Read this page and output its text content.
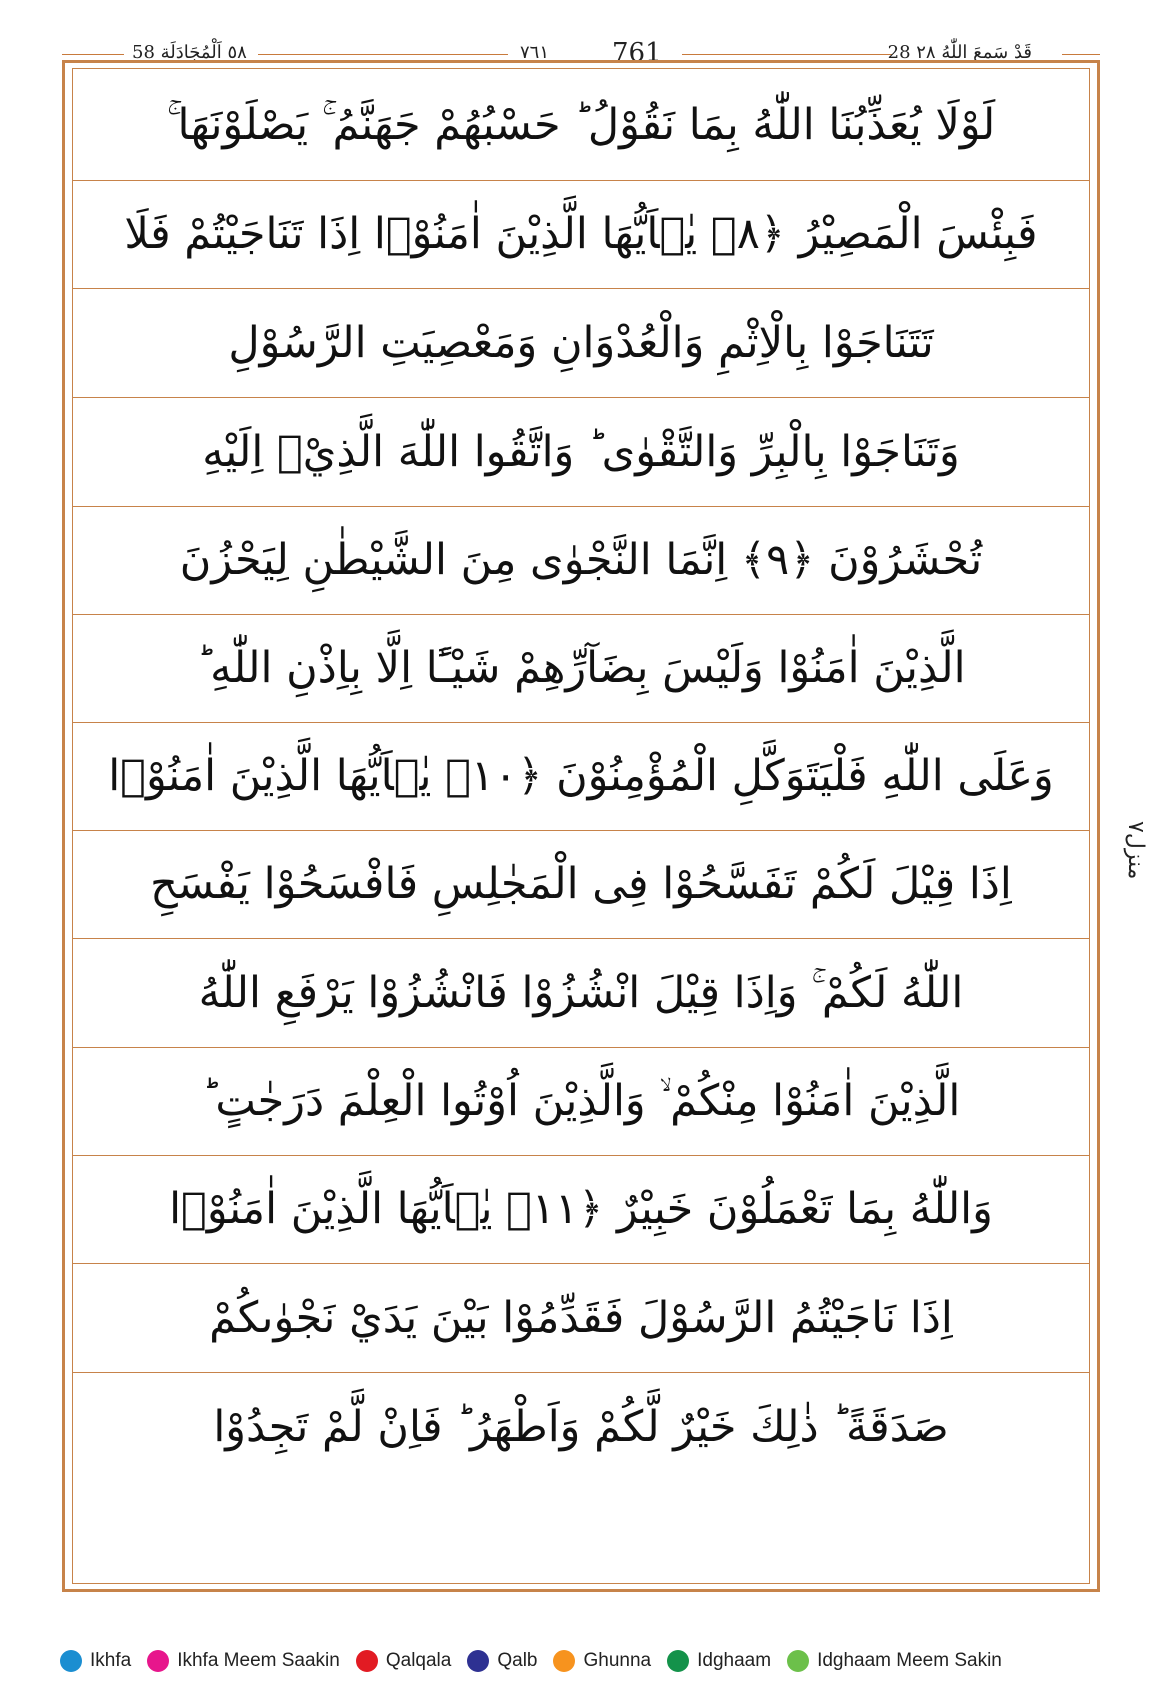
٥٨ اَلْمُجَادَلَة 58	٧٦١ 761	28 قَدْ سَمِعَ اللّٰهُ ٢٨
لَوْلَا يُعَذِّبُنَا اللّٰهُ بِمَا نَقُوْلُ ؕ حَسْبُهُمْ جَهَنَّمُ ۚ يَصْلَوْنَهَا ۚ
فَبِئْسَ الْمَصِيْرُ ﴿٨﴾ يٰۤاَيُّهَا الَّذِيْنَ اٰمَنُوْۤا اِذَا تَنَاجَيْتُمْ فَلَا
تَتَنَاجَوْا بِالْاِثْمِ وَالْعُدْوَانِ وَمَعْصِيَتِ الرَّسُوْلِ
وَتَنَاجَوْا بِالْبِرِّ وَالتَّقْوٰى ؕ وَاتَّقُوا اللّٰهَ الَّذِيْۤ اِلَيْهِ
تُحْشَرُوْنَ ﴿٩﴾ اِنَّمَا النَّجْوٰى مِنَ الشَّيْطٰنِ لِيَحْزُنَ
الَّذِيْنَ اٰمَنُوْا وَلَيْسَ بِضَآرِّهِمْ شَيْـًٔا اِلَّا بِاِذْنِ اللّٰهِ ؕ
وَعَلَى اللّٰهِ فَلْيَتَوَكَّلِ الْمُؤْمِنُوْنَ ﴿١٠﴾ يٰۤاَيُّهَا الَّذِيْنَ اٰمَنُوْۤا
اِذَا قِيْلَ لَكُمْ تَفَسَّحُوْا فِى الْمَجٰلِسِ فَافْسَحُوْا يَفْسَحِ
اللّٰهُ لَكُمْ ۚ وَاِذَا قِيْلَ انْشُزُوْا فَانْشُزُوْا يَرْفَعِ اللّٰهُ
الَّذِيْنَ اٰمَنُوْا مِنْكُمْ ۙ وَالَّذِيْنَ اُوْتُوا الْعِلْمَ دَرَجٰتٍ ؕ
وَاللّٰهُ بِمَا تَعْمَلُوْنَ خَبِيْرٌ ﴿١١﴾ يٰۤاَيُّهَا الَّذِيْنَ اٰمَنُوْۤا
اِذَا نَاجَيْتُمُ الرَّسُوْلَ فَقَدِّمُوْا بَيْنَ يَدَيْ نَجْوٰىكُمْ
صَدَقَةً ؕ ذٰلِكَ خَيْرٌ لَّكُمْ وَاَطْهَرُ ؕ فَاِنْ لَّمْ تَجِدُوْا
منزل٧
Ikhfa Ikhfa Meem Saakin Qalqala Qalb Ghunna Idghaam Idghaam Meem Sakin
